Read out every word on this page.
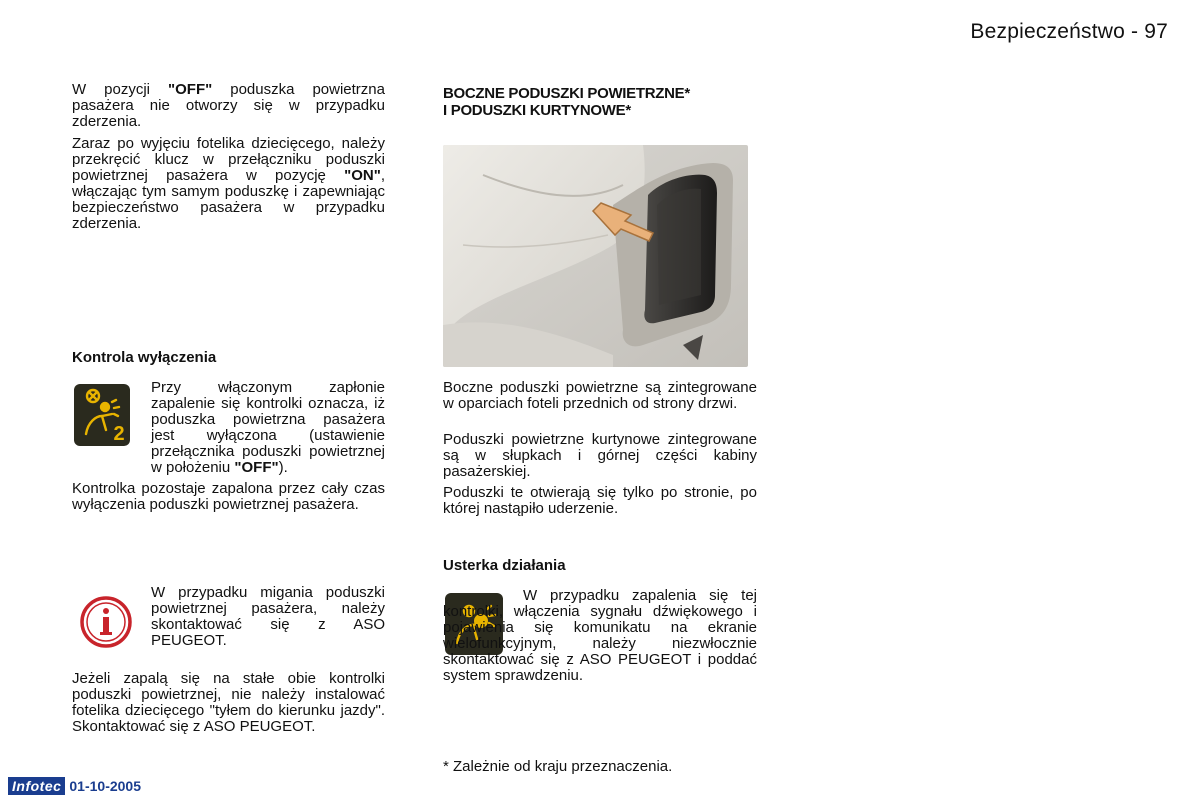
Bezpieczeństwo - 97

W pozycji "OFF" poduszka powietrzna pasażera nie otworzy się w przypadku zderzenia.

Zaraz po wyjęciu fotelika dziecięcego, należy przekręcić klucz w przełączniku poduszki powietrznej pasażera w pozycję "ON", włączając tym samym poduszkę i zapewniając bezpieczeństwo pasażera w przypadku zderzenia.

Kontrola wyłączenia
2

Przy włączonym zapłonie zapalenie się kontrolki oznacza, iż poduszka powietrzna pasażera jest wyłączona (ustawienie przełącznika poduszki powietrznej w położeniu "OFF").

Kontrolka pozostaje zapalona przez cały czas wyłączenia poduszki powietrznej pasażera.

W przypadku migania poduszki powietrznej pasażera, należy skontaktować się z ASO PEUGEOT.

Jeżeli zapalą się na stałe obie kontrolki poduszki powietrznej, nie należy instalować fotelika dziecięcego "tyłem do kierunku jazdy". Skontaktować się z ASO PEUGEOT.

BOCZNE PODUSZKI POWIETRZNE*
I PODUSZKI KURTYNOWE*

Boczne poduszki powietrzne są zintegrowane w oparciach foteli przednich od strony drzwi.

Poduszki powietrzne kurtynowe zintegrowane są w słupkach i górnej części kabiny pasażerskiej.

Poduszki te otwierają się tylko po stronie, po której nastąpiło uderzenie.

Usterka działania

W przypadku zapalenia się tej kontrolki, włączenia sygnału dźwiękowego i pojawienia się komunikatu na ekranie wielofunkcyjnym, należy niezwłocznie skontaktować się z ASO PEUGEOT i poddać system sprawdzeniu.

* Zależnie od kraju przeznaczenia.

Infotec 01-10-2005
